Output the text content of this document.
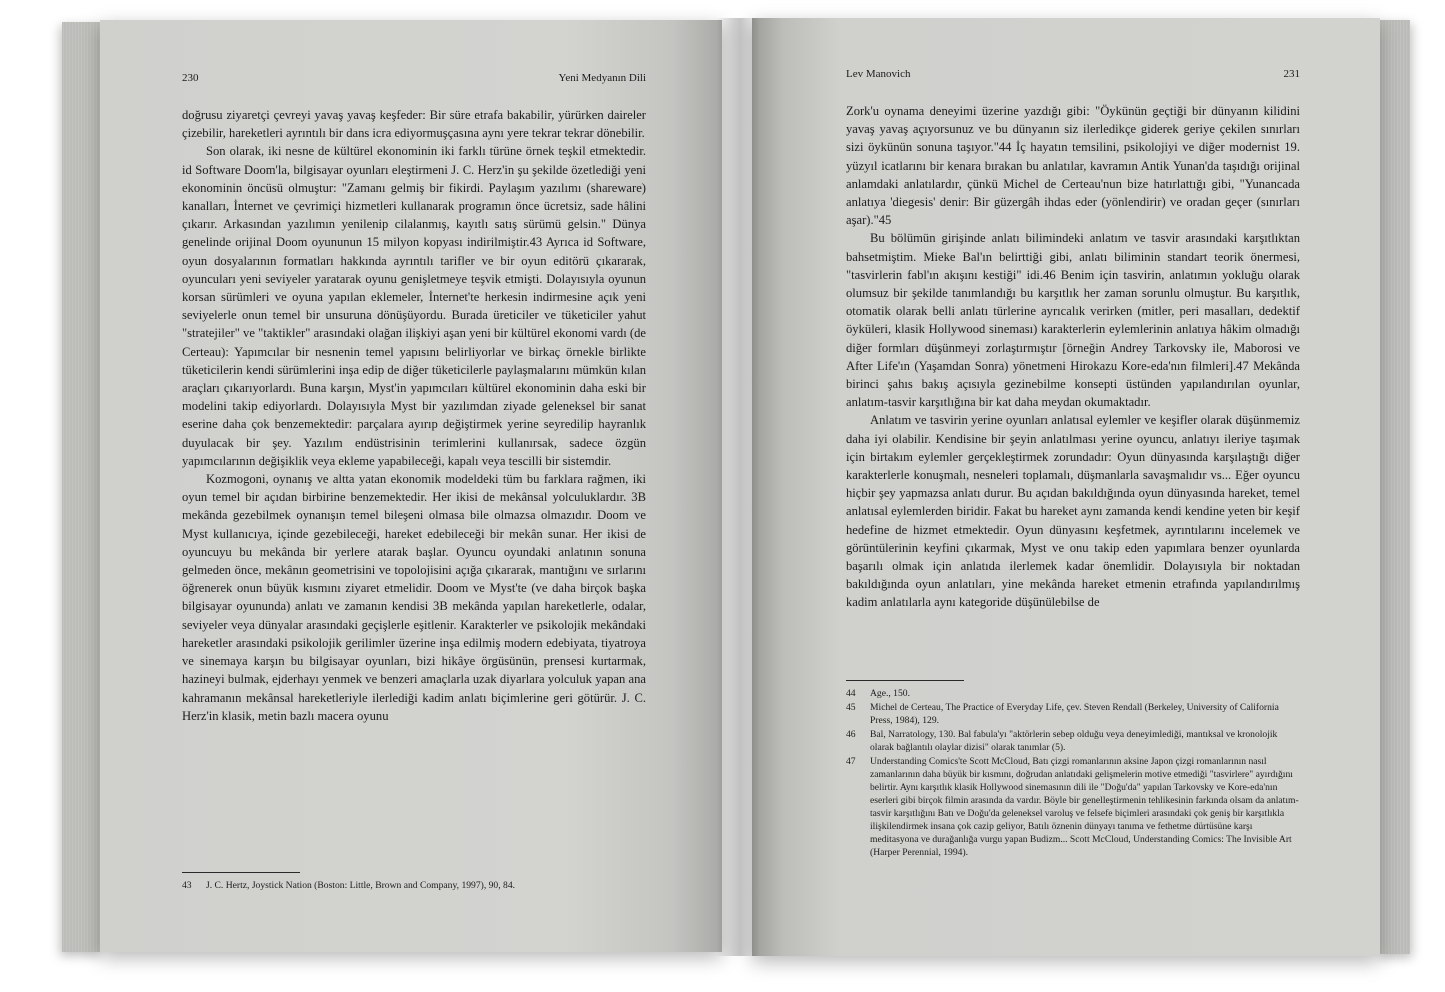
230	Yeni Medyanın Dili

doğrusu ziyaretçi çevreyi yavaş yavaş keşfeder: Bir süre etrafa bakabilir, yürürken daireler çizebilir, hareketleri ayrıntılı bir dans icra ediyormuşçasına aynı yere tekrar tekrar dönebilir.

Son olarak, iki nesne de kültürel ekonominin iki farklı türüne örnek teşkil etmektedir. id Software Doom'la, bilgisayar oyunları eleştirmeni J. C. Herz'in şu şekilde özetlediği yeni ekonominin öncüsü olmuştur: "Zamanı gelmiş bir fikirdi. Paylaşım yazılımı (shareware) kanalları, İnternet ve çevrimiçi hizmetleri kullanarak programın önce ücretsiz, sade hâlini çıkarır. Arkasından yazılımın yenilenip cilalanmış, kayıtlı satış sürümü gelsin." Dünya genelinde orijinal Doom oyununun 15 milyon kopyası indirilmiştir.43 Ayrıca id Software, oyun dosyalarının formatları hakkında ayrıntılı tarifler ve bir oyun editörü çıkararak, oyuncuları yeni seviyeler yaratarak oyunu genişletmeye teşvik etmişti. Dolayısıyla oyunun korsan sürümleri ve oyuna yapılan eklemeler, İnternet'te herkesin indirmesine açık yeni seviyelerle onun temel bir unsuruna dönüşüyordu. Burada üreticiler ve tüketiciler yahut "stratejiler" ve "taktikler" arasındaki olağan ilişkiyi aşan yeni bir kültürel ekonomi vardı (de Certeau): Yapımcılar bir nesnenin temel yapısını belirliyorlar ve birkaç örnekle birlikte tüketicilerin kendi sürümlerini inşa edip de diğer tüketicilerle paylaşmalarını mümkün kılan araçları çıkarıyorlardı. Buna karşın, Myst'in yapımcıları kültürel ekonominin daha eski bir modelini takip ediyorlardı. Dolayısıyla Myst bir yazılımdan ziyade geleneksel bir sanat eserine daha çok benzemektedir: parçalara ayırıp değiştirmek yerine seyredilip hayranlık duyulacak bir şey. Yazılım endüstrisinin terimlerini kullanırsak, sadece özgün yapımcılarının değişiklik veya ekleme yapabileceği, kapalı veya tescilli bir sistemdir.

Kozmogoni, oynanış ve altta yatan ekonomik modeldeki tüm bu farklara rağmen, iki oyun temel bir açıdan birbirine benzemektedir. Her ikisi de mekânsal yolculuklardır. 3B mekânda gezebilmek oynanışın temel bileşeni olmasa bile olmazsa olmazıdır. Doom ve Myst kullanıcıya, içinde gezebileceği, hareket edebileceği bir mekân sunar. Her ikisi de oyuncuyu bu mekânda bir yerlere atarak başlar. Oyuncu oyundaki anlatının sonuna gelmeden önce, mekânın geometrisini ve topolojisini açığa çıkararak, mantığını ve sırlarını öğrenerek onun büyük kısmını ziyaret etmelidir. Doom ve Myst'te (ve daha birçok başka bilgisayar oyununda) anlatı ve zamanın kendisi 3B mekânda yapılan hareketlerle, odalar, seviyeler veya dünyalar arasındaki geçişlerle eşitlenir. Karakterler ve psikolojik mekândaki hareketler arasındaki psikolojik gerilimler üzerine inşa edilmiş modern edebiyata, tiyatroya ve sinemaya karşın bu bilgisayar oyunları, bizi hikâye örgüsünün, prensesi kurtarmak, hazineyi bulmak, ejderhayı yenmek ve benzeri amaçlarla uzak diyarlara yolculuk yapan ana kahramanın mekânsal hareketleriyle ilerlediği kadim anlatı biçimlerine geri götürür. J. C. Herz'in klasik, metin bazlı macera oyunu

43	J. C. Hertz, Joystick Nation (Boston: Little, Brown and Company, 1997), 90, 84.
Lev Manovich	231

Zork'u oynama deneyimi üzerine yazdığı gibi: "Öykünün geçtiği bir dünyanın kilidini yavaş yavaş açıyorsunuz ve bu dünyanın siz ilerledikçe giderek geriye çekilen sınırları sizi öykünün sonuna taşıyor."44 İç hayatın temsilini, psikolojiyi ve diğer modernist 19. yüzyıl icatlarını bir kenara bırakan bu anlatılar, kavramın Antik Yunan'da taşıdığı orijinal anlamdaki anlatılardır, çünkü Michel de Certeau'nun bize hatırlattığı gibi, "Yunancada anlatıya 'diegesis' denir: Bir güzergâh ihdas eder (yönlendirir) ve oradan geçer (sınırları aşar)."45

Bu bölümün girişinde anlatı bilimindeki anlatım ve tasvir arasındaki karşıtlıktan bahsetmiştim. Mieke Bal'ın belirttiği gibi, anlatı biliminin standart teorik önermesi, "tasvirlerin fabl'ın akışını kestiği" idi.46 Benim için tasvirin, anlatımın yokluğu olarak olumsuz bir şekilde tanımlandığı bu karşıtlık her zaman sorunlu olmuştur. Bu karşıtlık, otomatik olarak belli anlatı türlerine ayrıcalık verirken (mitler, peri masalları, dedektif öyküleri, klasik Hollywood sineması) karakterlerin eylemlerinin anlatıya hâkim olmadığı diğer formları düşünmeyi zorlaştırmıştır [örneğin Andrey Tarkovsky ile, Maborosi ve After Life'ın (Yaşamdan Sonra) yönetmeni Hirokazu Kore-eda'nın filmleri].47 Mekânda birinci şahıs bakış açısıyla gezinebilme konsepti üstünden yapılandırılan oyunlar, anlatım-tasvir karşıtlığına bir kat daha meydan okumaktadır.

Anlatım ve tasvirin yerine oyunları anlatısal eylemler ve keşifler olarak düşünmemiz daha iyi olabilir. Kendisine bir şeyin anlatılması yerine oyuncu, anlatıyı ileriye taşımak için birtakım eylemler gerçekleştirmek zorundadır: Oyun dünyasında karşılaştığı diğer karakterlerle konuşmalı, nesneleri toplamalı, düşmanlarla savaşmalıdır vs... Eğer oyuncu hiçbir şey yapmazsa anlatı durur. Bu açıdan bakıldığında oyun dünyasında hareket, temel anlatısal eylemlerden biridir. Fakat bu hareket aynı zamanda kendi kendine yeten bir keşif hedefine de hizmet etmektedir. Oyun dünyasını keşfetmek, ayrıntılarını incelemek ve görüntülerinin keyfini çıkarmak, Myst ve onu takip eden yapımlara benzer oyunlarda başarılı olmak için anlatıda ilerlemek kadar önemlidir. Dolayısıyla bir noktadan bakıldığında oyun anlatıları, yine mekânda hareket etmenin etrafında yapılandırılmış kadim anlatılarla aynı kategoride düşünülebilse de

44	Age., 150.
45	Michel de Certeau, The Practice of Everyday Life, çev. Steven Rendall (Berkeley, University of California Press, 1984), 129.
46	Bal, Narratology, 130. Bal fabula'yı "aktörlerin sebep olduğu veya deneyimlediği, mantıksal ve kronolojik olarak bağlantılı olaylar dizisi" olarak tanımlar (5).
47	Understanding Comics'te Scott McCloud, Batı çizgi romanlarının aksine Japon çizgi romanlarının nasıl zamanlarının daha büyük bir kısmını, doğrudan anlatıdaki gelişmelerin motive etmediği "tasvirlere" ayırdığını belirtir. Aynı karşıtlık klasik Hollywood sinemasının dili ile "Doğu'da" yapılan Tarkovsky ve Kore-eda'nın eserleri gibi birçok filmin arasında da vardır. Böyle bir genelleştirmenin tehlikesinin farkında olsam da anlatım-tasvir karşıtlığını Batı ve Doğu'da geleneksel varoluş ve felsefe biçimleri arasındaki çok geniş bir karşıtlıkla ilişkilendirmek insana çok cazip geliyor, Batılı öznenin dünyayı tanıma ve fethetme dürtüsüne karşı meditasyona ve durağanlığa vurgu yapan Budizm... Scott McCloud, Understanding Comics: The Invisible Art (Harper Perennial, 1994).
